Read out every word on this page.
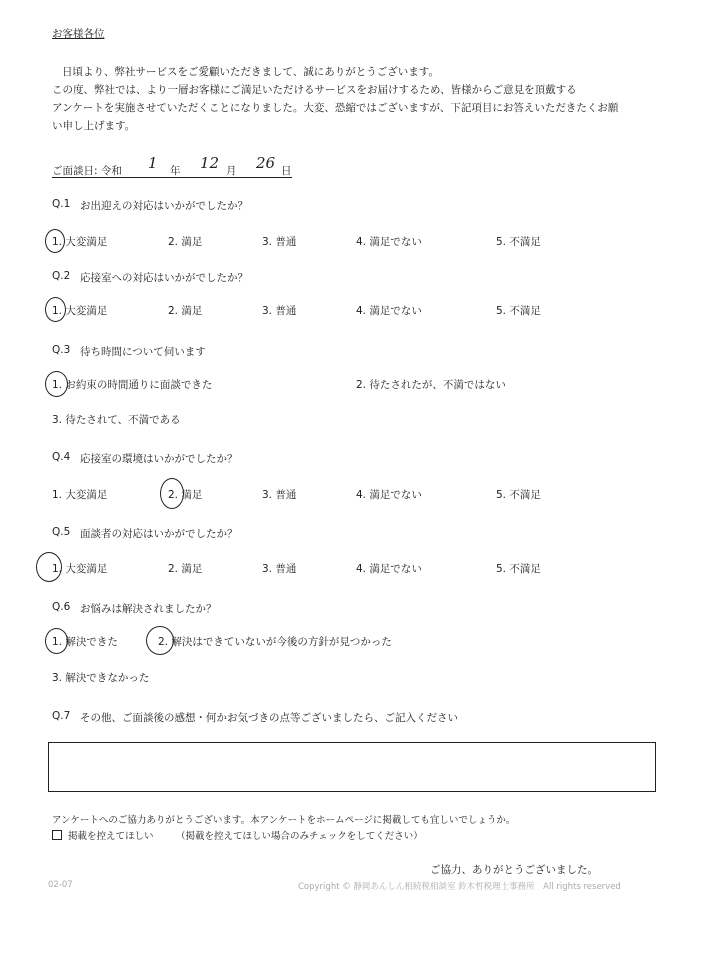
お客様各位
日頃より、弊社サービスをご愛顧いただきまして、誠にありがとうございます。
この度、弊社では、より一層お客様にご満足いただけるサービスをお届けするため、皆様からご意見を頂戴する
アンケートを実施させていただくことになりました。大変、恐縮ではございますが、下記項目にお答えいただきたくお願
い申し上げます。
ご面談日: 令和 1 年 12 月 26 日
Q.1 お出迎えの対応はいかがでしたか？
1. 大変満足	2. 満足	3. 普通	4. 満足でない	5. 不満足
Q.2 応接室への対応はいかがでしたか？
1. 大変満足	2. 満足	3. 普通	4. 満足でない	5. 不満足
Q.3 待ち時間について伺います
1. お約束の時間通りに面談できた	2. 待たされたが、不満ではない
3. 待たされて、不満である
Q.4 応接室の環境はいかがでしたか？
1. 大変満足	2. 満足	3. 普通	4. 満足でない	5. 不満足
Q.5 面談者の対応はいかがでしたか？
1. 大変満足	2. 満足	3. 普通	4. 満足でない	5. 不満足
Q.6 お悩みは解決されましたか？
1. 解決できた	2. 解決はできていないが今後の方針が見つかった
3. 解決できなかった
Q.7 その他、ご面談後の感想・何かお気づきの点等ございましたら、ご記入ください
アンケートへのご協力ありがとうございます。本アンケートをホームページに掲載しても宜しいでしょうか。
掲載を控えてほしい （掲載を控えてほしい場合のみチェックをしてください）
ご協力、ありがとうございました。
02-07	Copyright © 静岡あんしん相続税相談室 鈴木哲税理士事務所　All rights reserved
